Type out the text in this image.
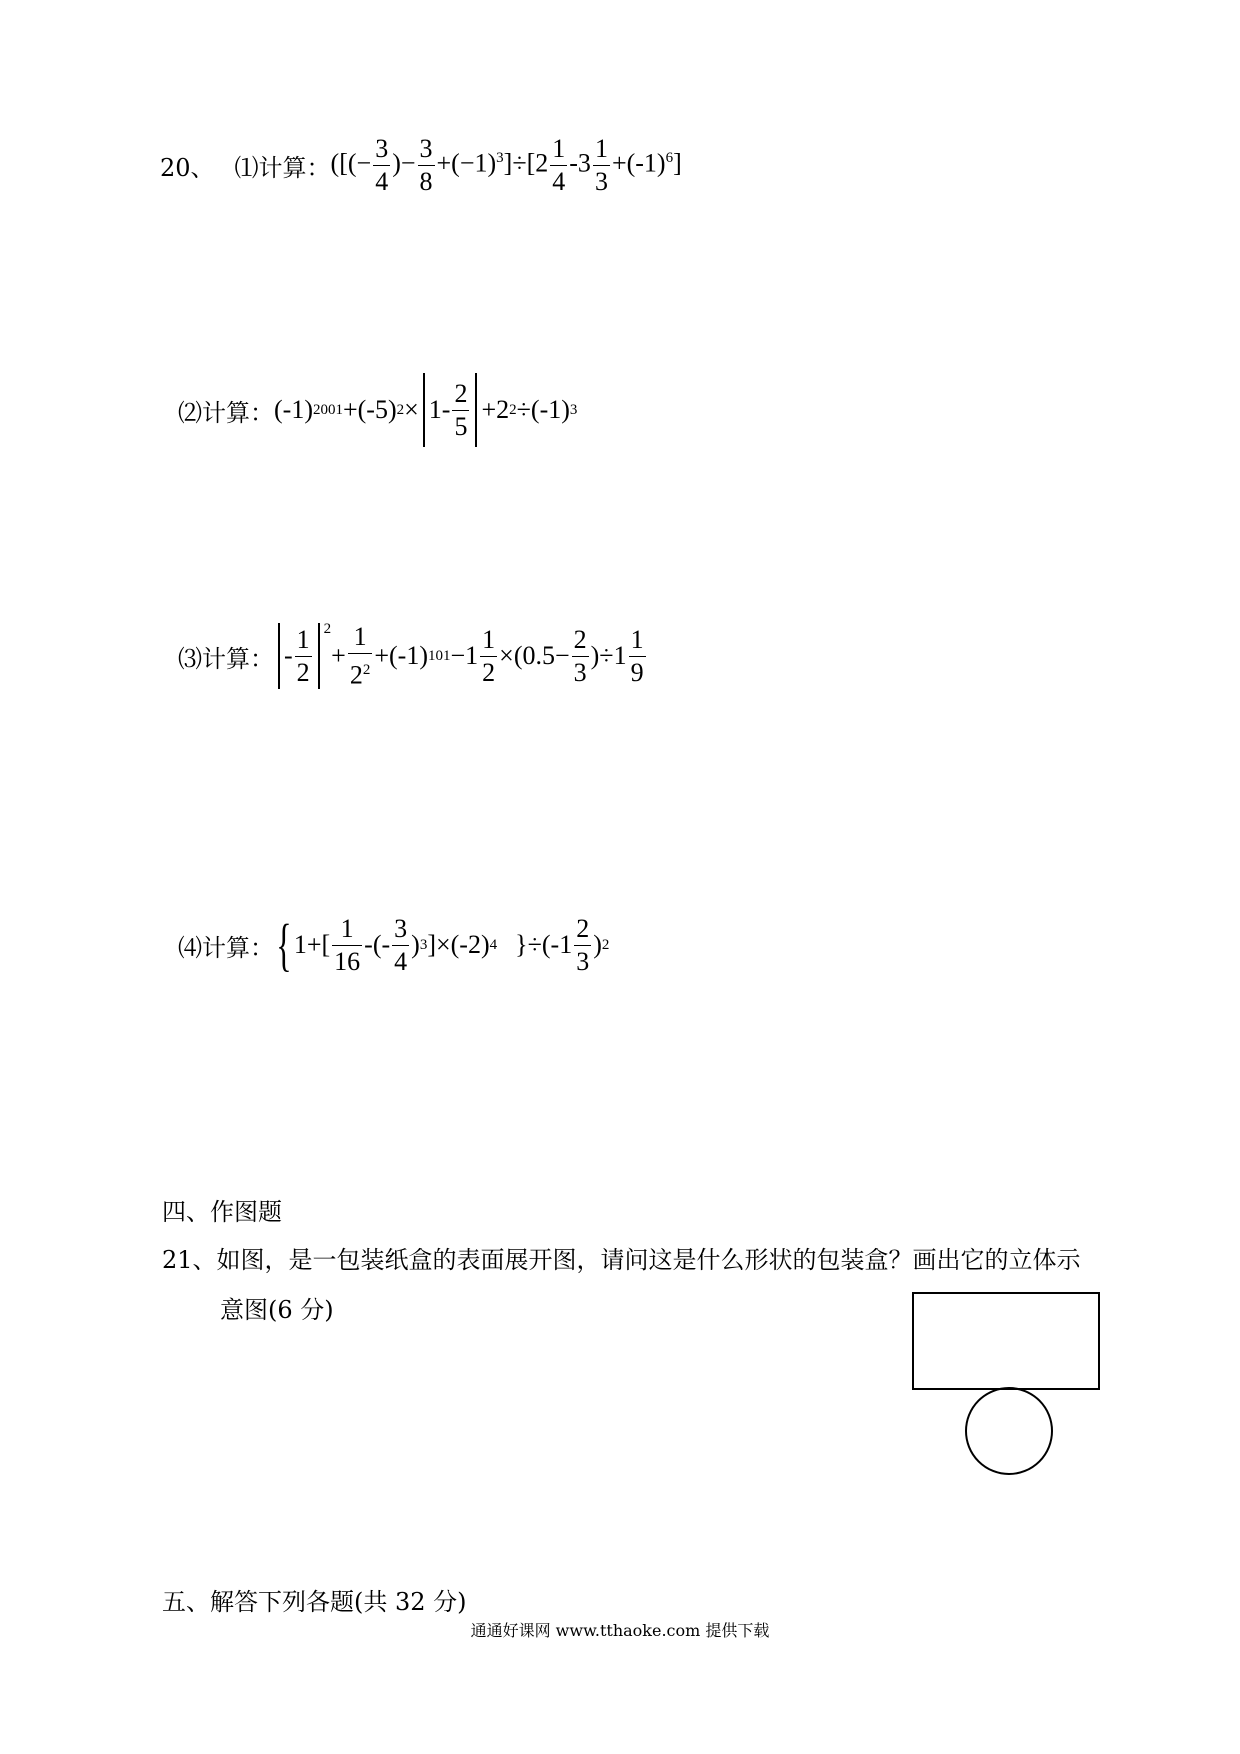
20、 ⑴计算： ([(− $\frac{3}{4}$ )− $\frac{3}{8} +(-1)^3]\div[2 \frac{1}{4} -3 \frac{1}{3} +(-1)^6]$
⑵计算： (-1) 2001 +(-5) $2 \times 1- \frac{2}{5} +2$ 2 ÷(-1) 3
⑶计算： - $\frac{1}{2} ^2$
+ $\frac{1}{2^2} +(-1)$ $101 -1 \frac{1}{2} \times(0.5- \frac{2}{3} )\div 1 \frac{1}{9}$
⑷计算： { $1+[ \frac{1}{16}$ -(- $\frac{3}{4}$ ) 3 ]×(-2) 4 } $\div(-1 \frac{2}{3}$ ) 2
四、作图题
21、如图，是一包装纸盒的表面展开图，请问这是什么形状的包装盒？画出它的立体示
意图(6 分)
五、解答下列各题(共 32 分)
通通好课网 www.tthaoke.com 提供下载
